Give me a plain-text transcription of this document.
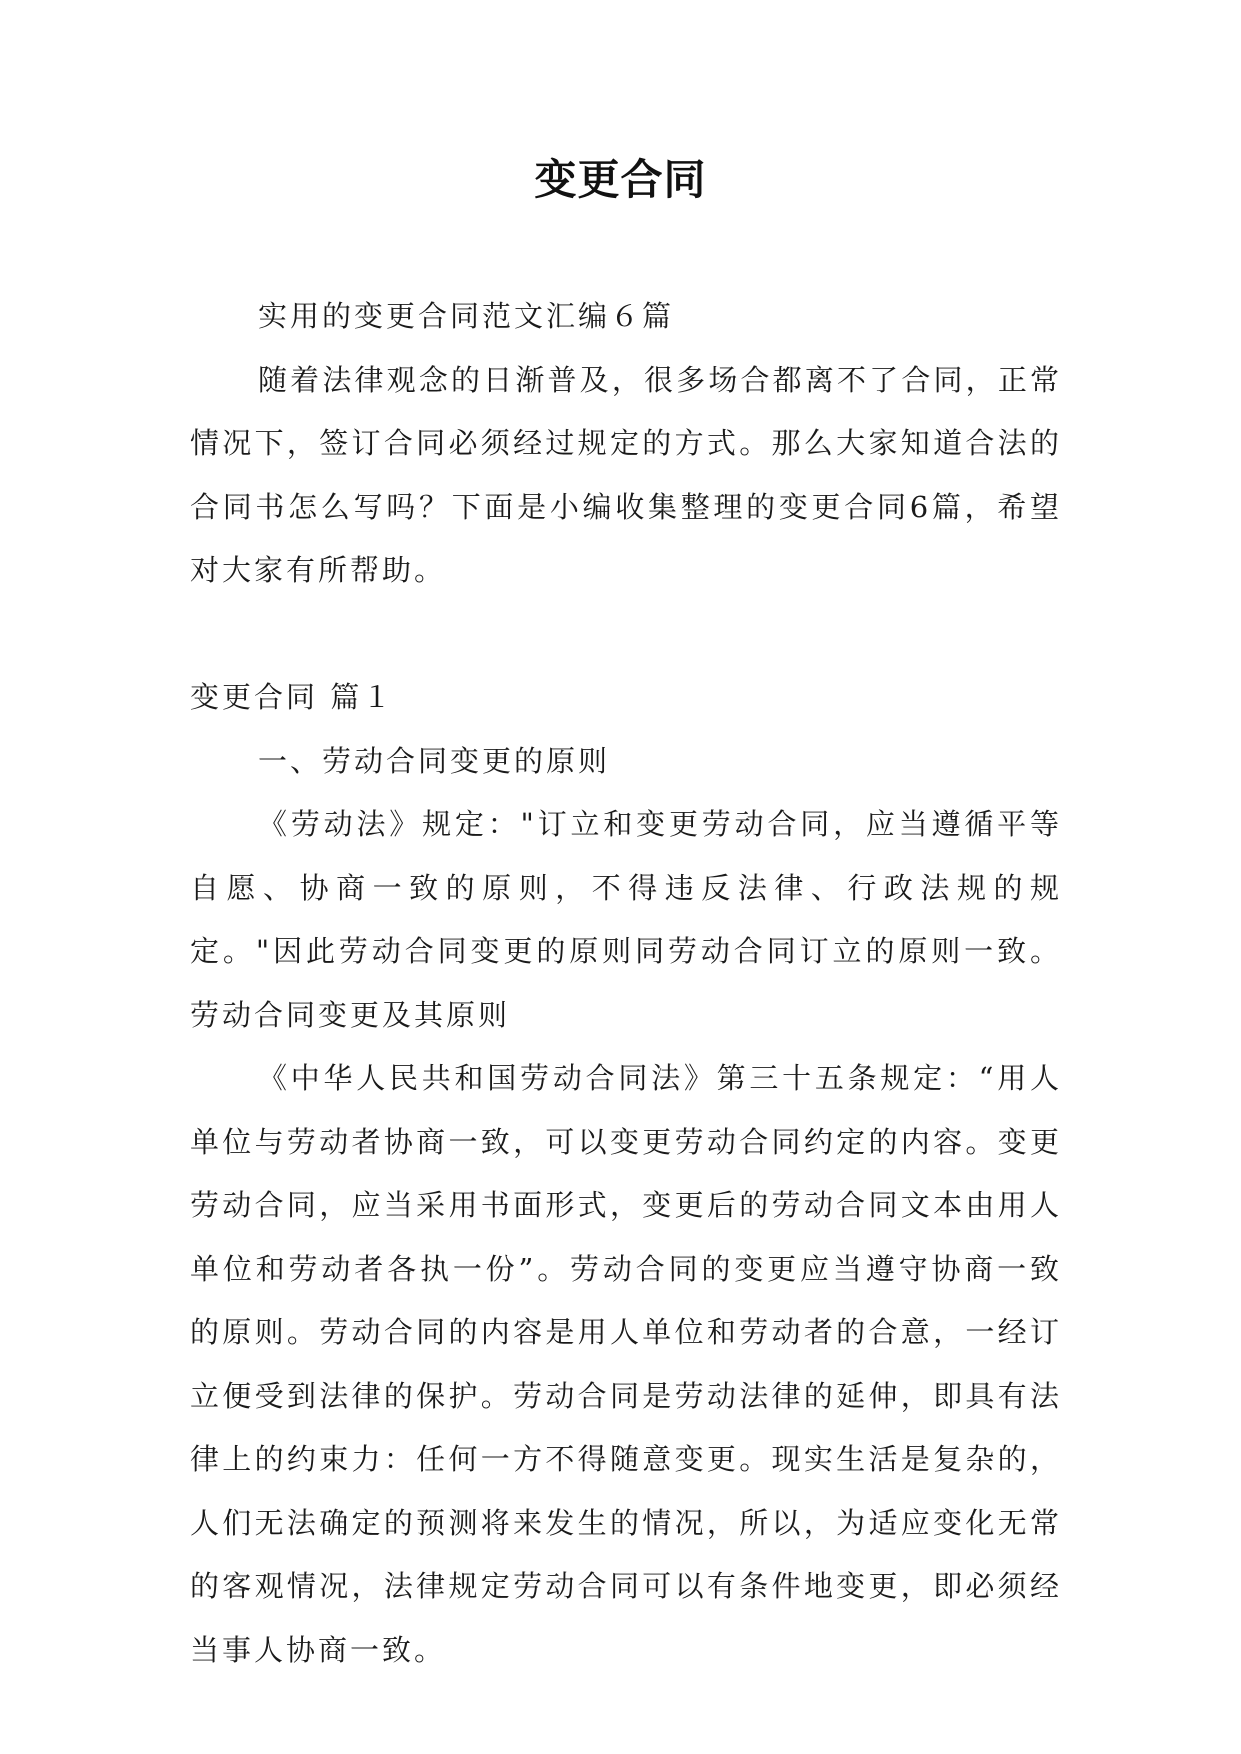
变更合同

实用的变更合同范文汇编６篇

随着法律观念的日渐普及，很多场合都离不了合同，正常情况下，签订合同必须经过规定的方式。那么大家知道合法的合同书怎么写吗？下面是小编收集整理的变更合同6篇，希望对大家有所帮助。

变更合同 篇１

一、劳动合同变更的原则

《劳动法》规定："订立和变更劳动合同，应当遵循平等自愿、协商一致的原则，不得违反法律、行政法规的规定。"因此劳动合同变更的原则同劳动合同订立的原则一致。劳动合同变更及其原则

《中华人民共和国劳动合同法》第三十五条规定：“用人单位与劳动者协商一致，可以变更劳动合同约定的内容。变更劳动合同，应当采用书面形式，变更后的劳动合同文本由用人单位和劳动者各执一份”。劳动合同的变更应当遵守协商一致的原则。劳动合同的内容是用人单位和劳动者的合意，一经订立便受到法律的保护。劳动合同是劳动法律的延伸，即具有法律上的约束力：任何一方不得随意变更。现实生活是复杂的，人们无法确定的预测将来发生的情况，所以，为适应变化无常的客观情况，法律规定劳动合同可以有条件地变更，即必须经当事人协商一致。
